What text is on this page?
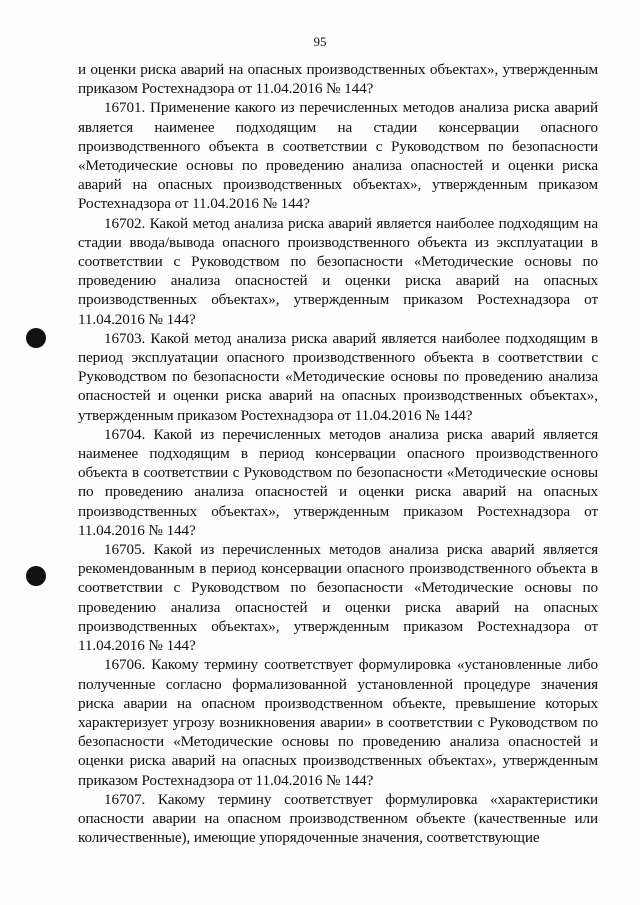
95

и оценки риска аварий на опасных производственных объектах», утвержденным приказом Ростехнадзора от 11.04.2016 № 144?

16701. Применение какого из перечисленных методов анализа риска аварий является наименее подходящим на стадии консервации опасного производственного объекта в соответствии с Руководством по безопасности «Методические основы по проведению анализа опасностей и оценки риска аварий на опасных производственных объектах», утвержденным приказом Ростехнадзора от 11.04.2016 № 144?

16702. Какой метод анализа риска аварий является наиболее подходящим на стадии ввода/вывода опасного производственного объекта из эксплуатации в соответствии с Руководством по безопасности «Методические основы по проведению анализа опасностей и оценки риска аварий на опасных производственных объектах», утвержденным приказом Ростехнадзора от 11.04.2016 № 144?

16703. Какой метод анализа риска аварий является наиболее подходящим в период эксплуатации опасного производственного объекта в соответствии с Руководством по безопасности «Методические основы по проведению анализа опасностей и оценки риска аварий на опасных производственных объектах», утвержденным приказом Ростехнадзора от 11.04.2016 № 144?

16704. Какой из перечисленных методов анализа риска аварий является наименее подходящим в период консервации опасного производственного объекта в соответствии с Руководством по безопасности «Методические основы по проведению анализа опасностей и оценки риска аварий на опасных производственных объектах», утвержденным приказом Ростехнадзора от 11.04.2016 № 144?

16705. Какой из перечисленных методов анализа риска аварий является рекомендованным в период консервации опасного производственного объекта в соответствии с Руководством по безопасности «Методические основы по проведению анализа опасностей и оценки риска аварий на опасных производственных объектах», утвержденным приказом Ростехнадзора от 11.04.2016 № 144?

16706. Какому термину соответствует формулировка «установленные либо полученные согласно формализованной установленной процедуре значения риска аварии на опасном производственном объекте, превышение которых характеризует угрозу возникновения аварии» в соответствии с Руководством по безопасности «Методические основы по проведению анализа опасностей и оценки риска аварий на опасных производственных объектах», утвержденным приказом Ростехнадзора от 11.04.2016 № 144?

16707. Какому термину соответствует формулировка «характеристики опасности аварии на опасном производственном объекте (качественные или количественные), имеющие упорядоченные значения, соответствующие
